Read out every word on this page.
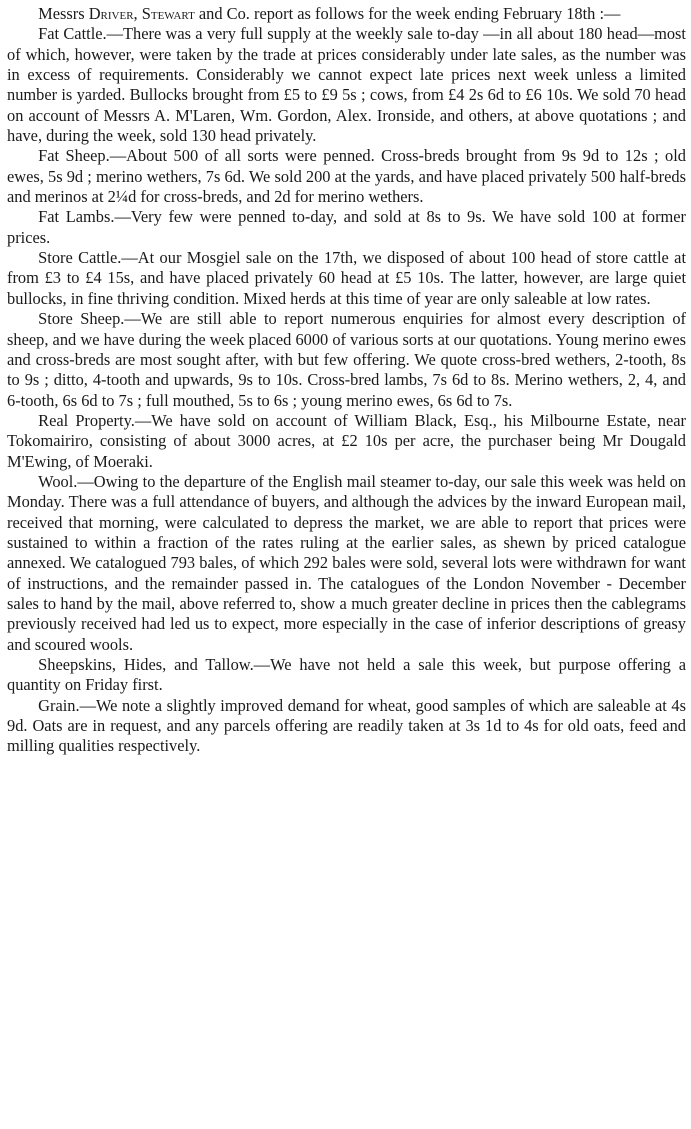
Messrs Driver, Stewart and Co. report as follows for the week ending February 18th :—

Fat Cattle.—There was a very full supply at the weekly sale to-day —in all about 180 head—most of which, however, were taken by the trade at prices considerably under late sales, as the number was in excess of requirements. Considerably we cannot expect late prices next week unless a limited number is yarded. Bullocks brought from £5 to £9 5s ; cows, from £4 2s 6d to £6 10s. We sold 70 head on account of Messrs A. M'Laren, Wm. Gordon, Alex. Ironside, and others, at above quotations ; and have, during the week, sold 130 head privately.

Fat Sheep.—About 500 of all sorts were penned. Cross-breds brought from 9s 9d to 12s ; old ewes, 5s 9d ; merino wethers, 7s 6d. We sold 200 at the yards, and have placed privately 500 half-breds and merinos at 2¼d for cross-breds, and 2d for merino wethers.

Fat Lambs.—Very few were penned to-day, and sold at 8s to 9s. We have sold 100 at former prices.

Store Cattle.—At our Mosgiel sale on the 17th, we disposed of about 100 head of store cattle at from £3 to £4 15s, and have placed privately 60 head at £5 10s. The latter, however, are large quiet bullocks, in fine thriving condition. Mixed herds at this time of year are only saleable at low rates.

Store Sheep.—We are still able to report numerous enquiries for almost every description of sheep, and we have during the week placed 6000 of various sorts at our quotations. Young merino ewes and cross-breds are most sought after, with but few offering. We quote cross-bred wethers, 2-tooth, 8s to 9s ; ditto, 4-tooth and upwards, 9s to 10s. Cross-bred lambs, 7s 6d to 8s. Merino wethers, 2, 4, and 6-tooth, 6s 6d to 7s ; full mouthed, 5s to 6s ; young merino ewes, 6s 6d to 7s.

Real Property.—We have sold on account of William Black, Esq., his Milbourne Estate, near Tokomairiro, consisting of about 3000 acres, at £2 10s per acre, the purchaser being Mr Dougald M'Ewing, of Moeraki.

Wool.—Owing to the departure of the English mail steamer to-day, our sale this week was held on Monday. There was a full attendance of buyers, and although the advices by the inward European mail, received that morning, were calculated to depress the market, we are able to report that prices were sustained to within a fraction of the rates ruling at the earlier sales, as shewn by priced catalogue annexed. We catalogued 793 bales, of which 292 bales were sold, several lots were withdrawn for want of instructions, and the remainder passed in. The catalogues of the London November - December sales to hand by the mail, above referred to, show a much greater decline in prices then the cablegrams previously received had led us to expect, more especially in the case of inferior descriptions of greasy and scoured wools.

Sheepskins, Hides, and Tallow.—We have not held a sale this week, but purpose offering a quantity on Friday first.

Grain.—We note a slightly improved demand for wheat, good samples of which are saleable at 4s 9d. Oats are in request, and any parcels offering are readily taken at 3s 1d to 4s for old oats, feed and milling qualities respectively.
